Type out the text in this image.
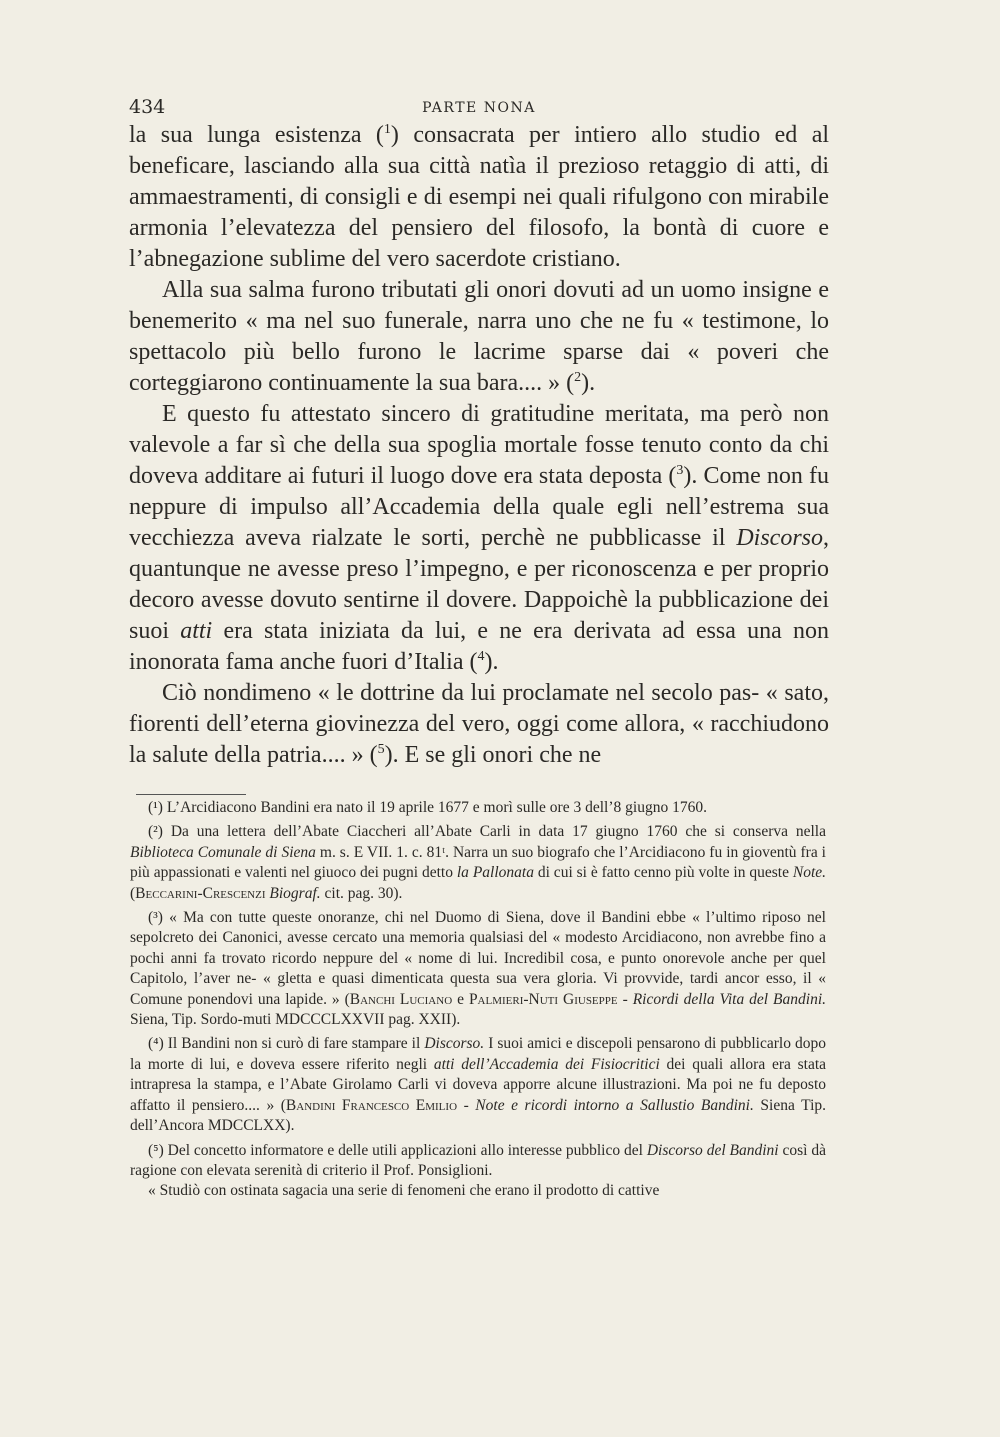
434	PARTE NONA

la sua lunga esistenza ($^1$) consacrata per intiero allo studio ed al beneficare, lasciando alla sua città natìa il prezioso retaggio di atti, di ammaestramenti, di consigli e di esempi nei quali rifulgono con mirabile armonia l’elevatezza del pensiero del filosofo, la bontà di cuore e l’abnegazione sublime del vero sacerdote cristiano.

Alla sua salma furono tributati gli onori dovuti ad un uomo insigne e benemerito « ma nel suo funerale, narra uno che ne fu « testimone, lo spettacolo più bello furono le lacrime sparse dai « poveri che corteggiarono continuamente la sua bara.... » ($^2$).

E questo fu attestato sincero di gratitudine meritata, ma però non valevole a far sì che della sua spoglia mortale fosse tenuto conto da chi doveva additare ai futuri il luogo dove era stata deposta ($^3$). Come non fu neppure di impulso all’Accademia della quale egli nell’estrema sua vecchiezza aveva rialzate le sorti, perchè ne pubblicasse il Discorso, quantunque ne avesse preso l’impegno, e per riconoscenza e per proprio decoro avesse dovuto sentirne il dovere. Dappoichè la pubblicazione dei suoi atti era stata iniziata da lui, e ne era derivata ad essa una non inonorata fama anche fuori d’Italia ($^4$).

Ciò nondimeno « le dottrine da lui proclamate nel secolo pas- « sato, fiorenti dell’eterna giovinezza del vero, oggi come allora, « racchiudono la salute della patria.... » ($^5$). E se gli onori che ne

(¹) L’Arcidiacono Bandini era nato il 19 aprile 1677 e morì sulle ore 3 dell’8 giugno 1760.

(²) Da una lettera dell’Abate Ciaccheri all’Abate Carli in data 17 giugno 1760 che si conserva nella Biblioteca Comunale di Siena m. s. E VII. 1. c. 81ᵗ. Narra un suo biografo che l’Arcidiacono fu in gioventù fra i più appassionati e valenti nel giuoco dei pugni detto la Pallonata di cui si è fatto cenno più volte in queste Note. (Beccarini-Crescenzi Biograf. cit. pag. 30).

(³) « Ma con tutte queste onoranze, chi nel Duomo di Siena, dove il Bandini ebbe « l’ultimo riposo nel sepolcreto dei Canonici, avesse cercato una memoria qualsiasi del « modesto Arcidiacono, non avrebbe fino a pochi anni fa trovato ricordo neppure del « nome di lui. Incredibil cosa, e punto onorevole anche per quel Capitolo, l’aver ne- « gletta e quasi dimenticata questa sua vera gloria. Vi provvide, tardi ancor esso, il « Comune ponendovi una lapide. » (Banchi Luciano e Palmieri-Nuti Giuseppe - Ricordi della Vita del Bandini. Siena, Tip. Sordo-muti MDCCCLXXVII pag. XXII).

(⁴) Il Bandini non si curò di fare stampare il Discorso. I suoi amici e discepoli pensarono di pubblicarlo dopo la morte di lui, e doveva essere riferito negli atti dell’Accademia dei Fisiocritici dei quali allora era stata intrapresa la stampa, e l’Abate Girolamo Carli vi doveva apporre alcune illustrazioni. Ma poi ne fu deposto affatto il pensiero.... » (Bandini Francesco Emilio - Note e ricordi intorno a Sallustio Bandini. Siena Tip. dell’Ancora MDCCLXX).

(⁵) Del concetto informatore e delle utili applicazioni allo interesse pubblico del Discorso del Bandini così dà ragione con elevata serenità di criterio il Prof. Ponsiglioni.

« Studiò con ostinata sagacia una serie di fenomeni che erano il prodotto di cattive
